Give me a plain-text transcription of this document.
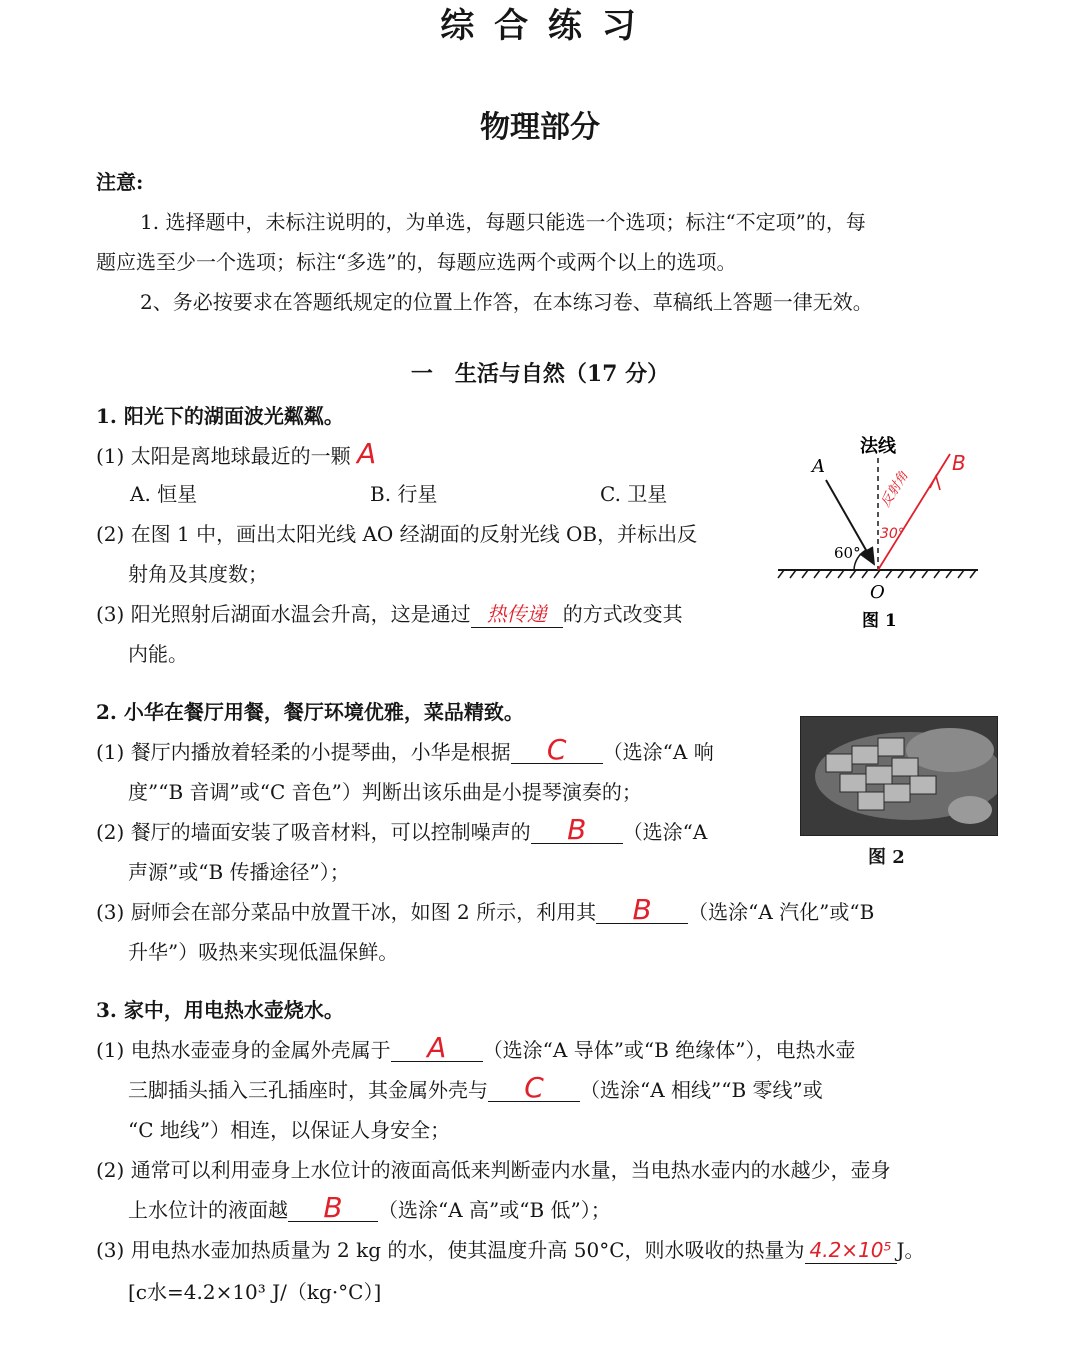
综 合 练 习
物理部分
注意:
1. 选择题中，未标注说明的，为单选，每题只能选一个选项；标注“不定项”的，每
题应选至少一个选项；标注“多选”的，每题应选两个或两个以上的选项。
2、务必按要求在答题纸规定的位置上作答，在本练习卷、草稿纸上答题一律无效。
一　生活与自然（17 分）
1. 阳光下的湖面波光粼粼。
(1) 太阳是离地球最近的一颗 A
A. 恒星	B. 行星	C. 卫星
(2) 在图 1 中，画出太阳光线 AO 经湖面的反射光线 OB，并标出反
射角及其度数；
(3) 阳光照射后湖面水温会升高，这是通过 热传递 的方式改变其
内能。
法线
A
60°
B
30°
反射角
O
图 1
2. 小华在餐厅用餐，餐厅环境优雅，菜品精致。
(1) 餐厅内播放着轻柔的小提琴曲，小华是根据 C （选涂“A 响
度”“B 音调”或“C 音色”）判断出该乐曲是小提琴演奏的；
(2) 餐厅的墙面安装了吸音材料，可以控制噪声的 B （选涂“A
声源”或“B 传播途径”）；
(3) 厨师会在部分菜品中放置干冰，如图 2 所示，利用其 B （选涂“A 汽化”或“B
升华”）吸热来实现低温保鲜。
图 2
3. 家中，用电热水壶烧水。
(1) 电热水壶壶身的金属外壳属于 A （选涂“A 导体”或“B 绝缘体”），电热水壶
三脚插头插入三孔插座时，其金属外壳与 C （选涂“A 相线”“B 零线”或
“C 地线”）相连，以保证人身安全；
(2) 通常可以利用壶身上水位计的液面高低来判断壶内水量，当电热水壶内的水越少，壶身
上水位计的液面越 B （选涂“A 高”或“B 低”）；
(3) 用电热水壶加热质量为 2 kg 的水，使其温度升高 50°C，则水吸收的热量为 4.2×10⁵ J。
[c水=4.2×10³ J/（kg·°C）]
